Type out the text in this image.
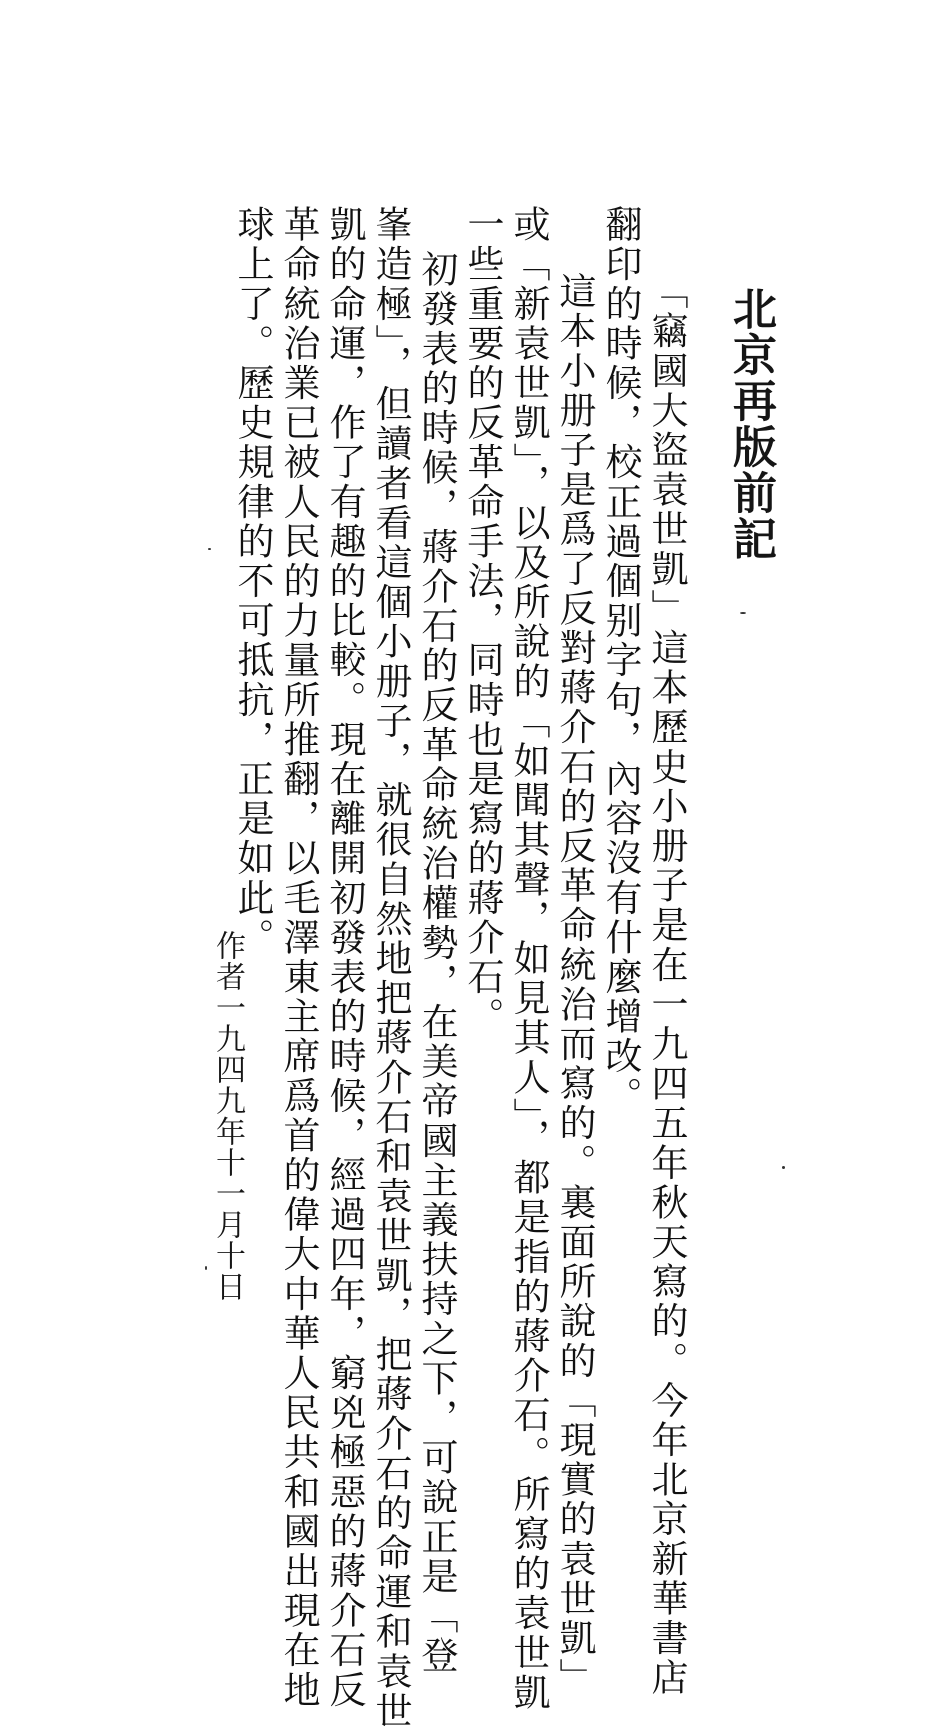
北京再版前記
「竊國大盜袁世凱」這本歷史小册子是在一九四五年秋天寫的。今年北京新華書店
翻印的時候，校正過個别字句，內容沒有什麼增改。
這本小册子是爲了反對蔣介石的反革命統治而寫的。裏面所說的「現實的袁世凱」
或「新袁世凱」，以及所說的「如聞其聲，如見其人」，都是指的蔣介石。所寫的袁世凱
一些重要的反革命手法，同時也是寫的蔣介石。
初發表的時候，蔣介石的反革命統治權勢，在美帝國主義扶持之下，可說正是「登
峯造極」，但讀者看這個小册子，就很自然地把蔣介石和袁世凱，把蔣介石的命運和袁世
凱的命運，作了有趣的比較。現在離開初發表的時候，經過四年，窮兇極惡的蔣介石反
革命統治業已被人民的力量所推翻，以毛澤東主席爲首的偉大中華人民共和國出現在地
球上了。歷史規律的不可抵抗，正是如此。
作者一九四九年十一月十日
